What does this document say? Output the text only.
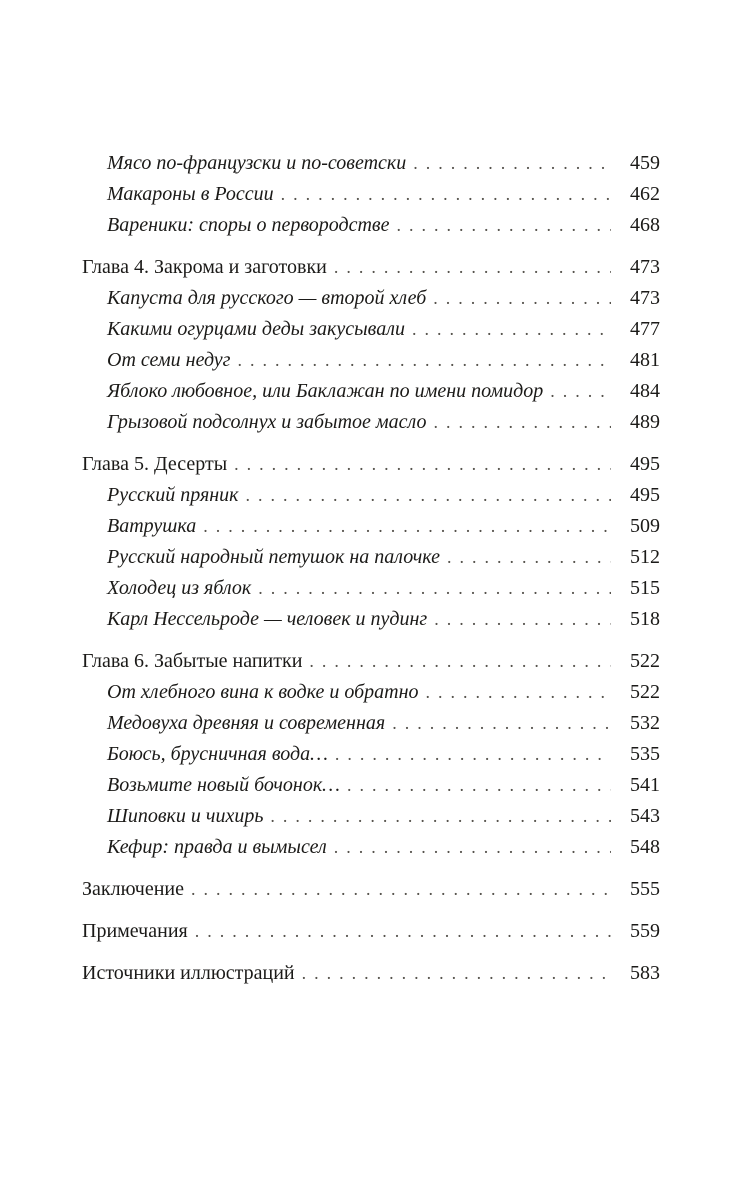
Мясо по-французски и по-советски .....	459
Макароны в России .....	462
Вареники: споры о первородстве .....	468
Глава 4. Закрома и заготовки .....	473
Капуста для русского — второй хлеб .....	473
Какими огурцами деды закусывали .....	477
От семи недуг .....	481
Яблоко любовное, или Баклажан по имени помидор .....	484
Грызовой подсолнух и забытое масло .....	489
Глава 5. Десерты .....	495
Русский пряник .....	495
Ватрушка .....	509
Русский народный петушок на палочке .....	512
Холодец из яблок .....	515
Карл Нессельроде — человек и пудинг .....	518
Глава 6. Забытые напитки .....	522
От хлебного вина к водке и обратно .....	522
Медовуха древняя и современная .....	532
Боюсь, брусничная вода… .....	535
Возьмите новый бочонок… .....	541
Шиповки и чихирь .....	543
Кефир: правда и вымысел .....	548
Заключение .....	555
Примечания .....	559
Источники иллюстраций .....	583
